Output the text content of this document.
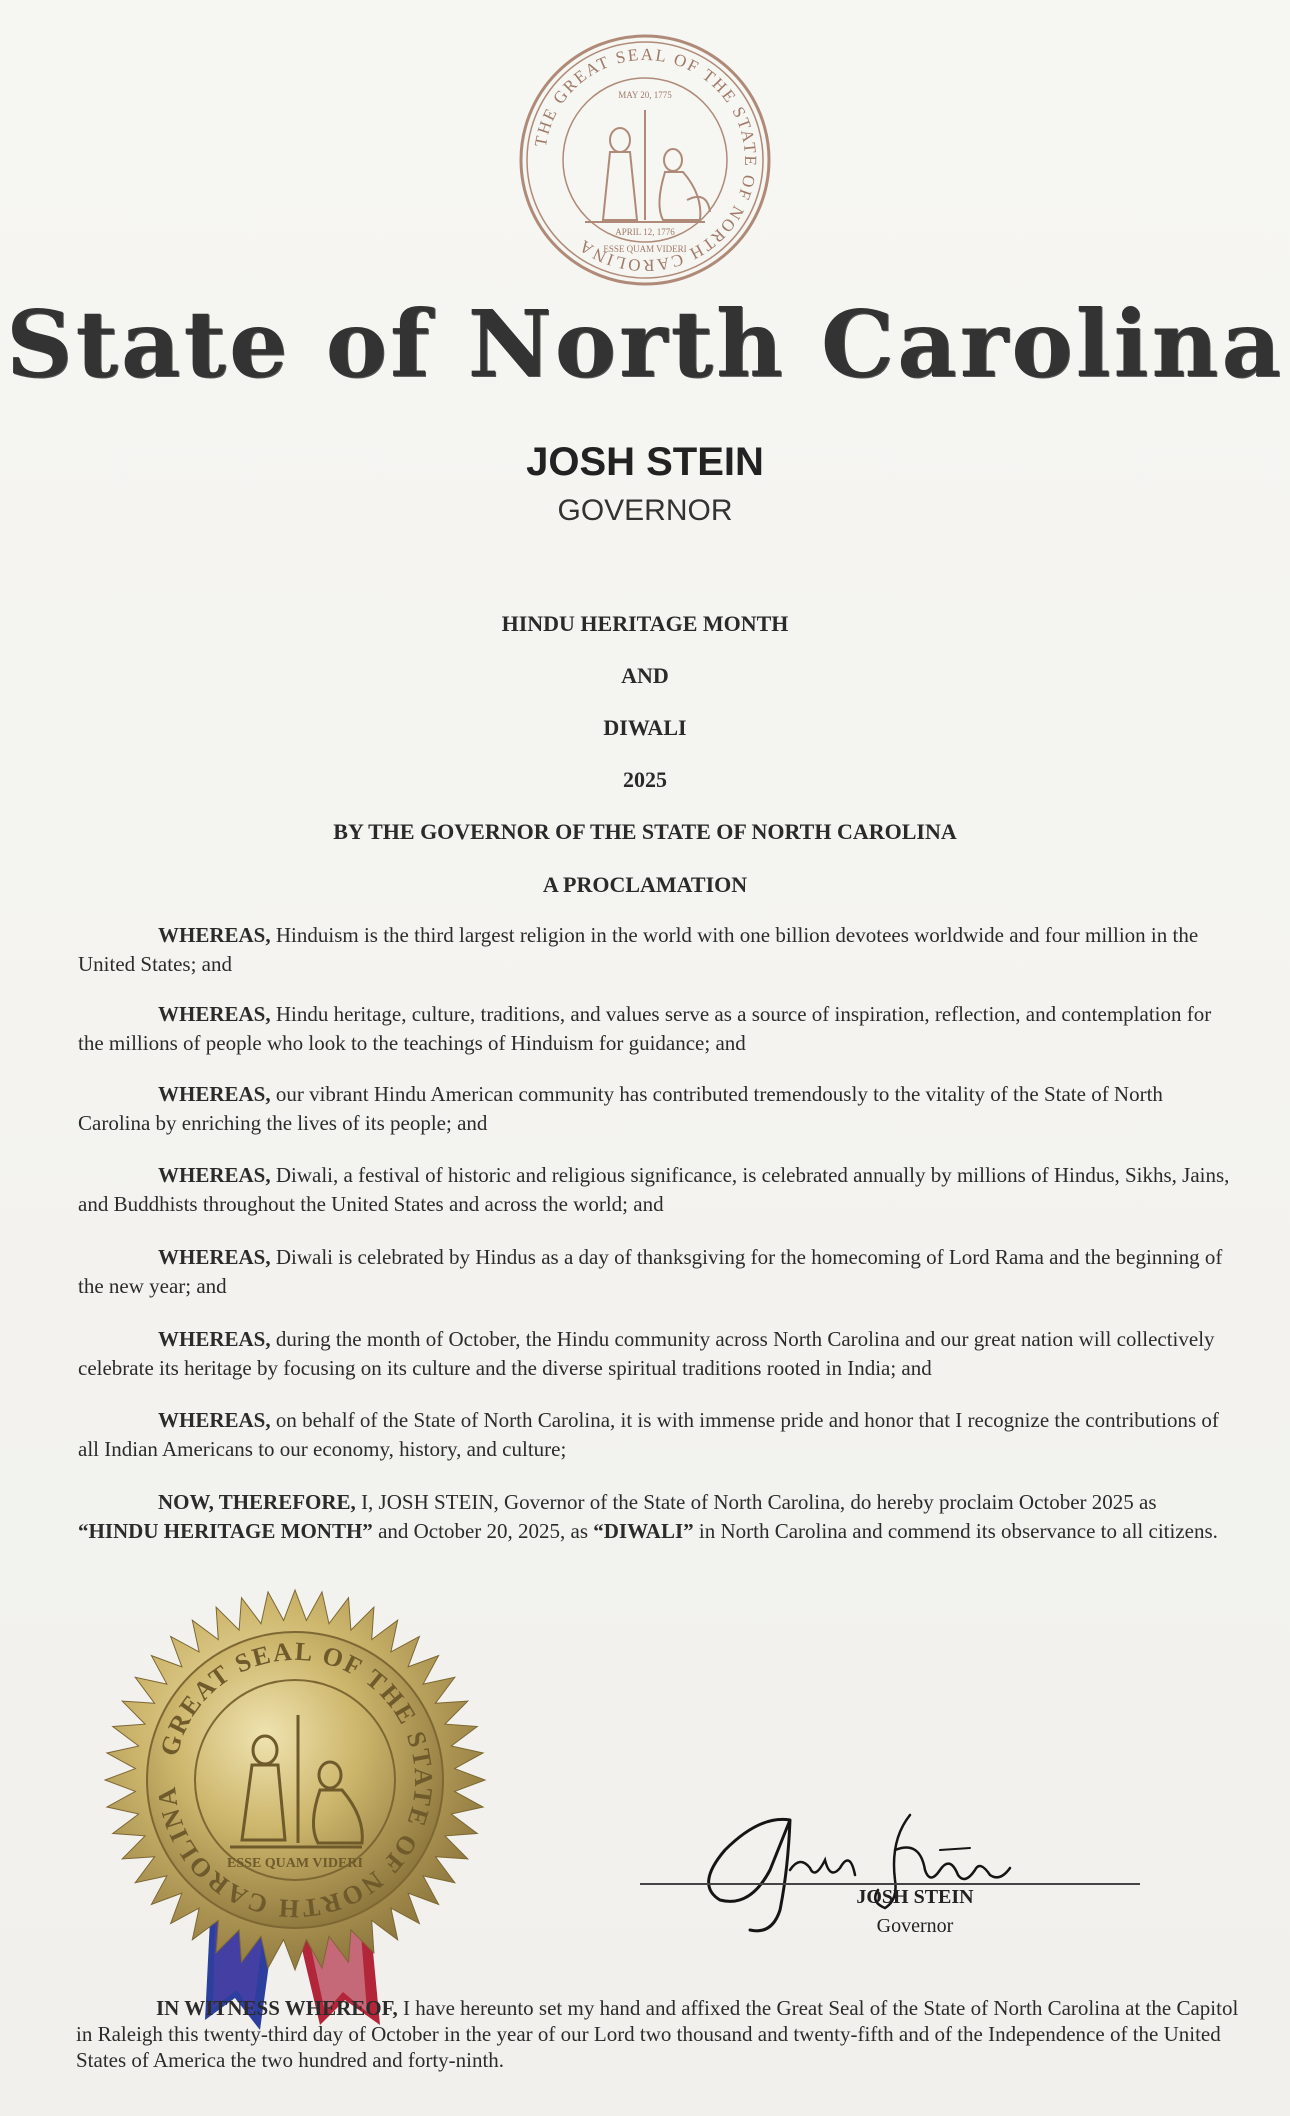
THE GREAT SEAL OF THE STATE OF NORTH CAROLINA
MAY 20, 1775
APRIL 12, 1776
ESSE QUAM VIDERI
State of North Carolina
JOSH STEIN
GOVERNOR
HINDU HERITAGE MONTH
AND
DIWALI
2025
BY THE GOVERNOR OF THE STATE OF NORTH CAROLINA
A PROCLAMATION
WHEREAS, Hinduism is the third largest religion in the world with one billion devotees worldwide and four million in the United States; and
WHEREAS, Hindu heritage, culture, traditions, and values serve as a source of inspiration, reflection, and contemplation for the millions of people who look to the teachings of Hinduism for guidance; and
WHEREAS, our vibrant Hindu American community has contributed tremendously to the vitality of the State of North Carolina by enriching the lives of its people; and
WHEREAS, Diwali, a festival of historic and religious significance, is celebrated annually by millions of Hindus, Sikhs, Jains, and Buddhists throughout the United States and across the world; and
WHEREAS, Diwali is celebrated by Hindus as a day of thanksgiving for the homecoming of Lord Rama and the beginning of the new year; and
WHEREAS, during the month of October, the Hindu community across North Carolina and our great nation will collectively celebrate its heritage by focusing on its culture and the diverse spiritual traditions rooted in India; and
WHEREAS, on behalf of the State of North Carolina, it is with immense pride and honor that I recognize the contributions of all Indian Americans to our economy, history, and culture;
NOW, THEREFORE, I, JOSH STEIN, Governor of the State of North Carolina, do hereby proclaim October 2025 as “HINDU HERITAGE MONTH” and October 20, 2025, as “DIWALI” in North Carolina and commend its observance to all citizens.
GREAT SEAL OF THE STATE OF NORTH CAROLINA
ESSE QUAM VIDERI
JOSH STEIN
Governor
IN WITNESS WHEREOF, I have hereunto set my hand and affixed the Great Seal of the State of North Carolina at the Capitol in Raleigh this twenty-third day of October in the year of our Lord two thousand and twenty-fifth and of the Independence of the United States of America the two hundred and forty-ninth.
